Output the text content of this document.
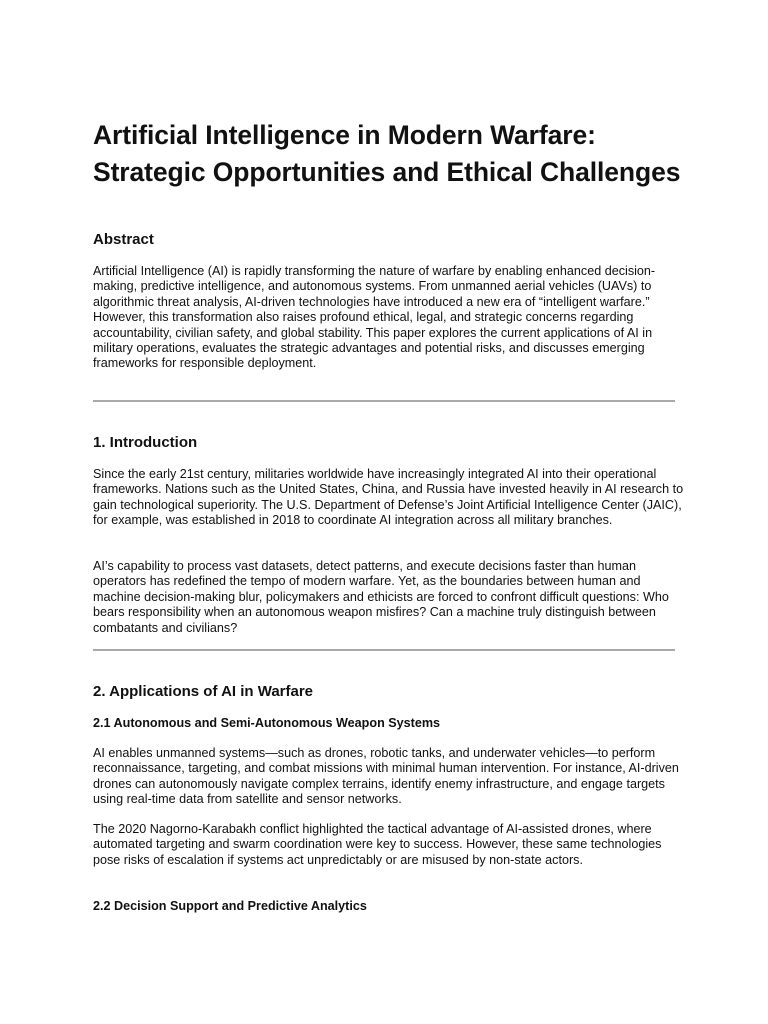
Artificial Intelligence in Modern Warfare: Strategic Opportunities and Ethical Challenges
Abstract

Artificial Intelligence (AI) is rapidly transforming the nature of warfare by enabling enhanced decision-making, predictive intelligence, and autonomous systems. From unmanned aerial vehicles (UAVs) to algorithmic threat analysis, AI-driven technologies have introduced a new era of “intelligent warfare.” However, this transformation also raises profound ethical, legal, and strategic concerns regarding accountability, civilian safety, and global stability. This paper explores the current applications of AI in military operations, evaluates the strategic advantages and potential risks, and discusses emerging frameworks for responsible deployment.

1. Introduction

Since the early 21st century, militaries worldwide have increasingly integrated AI into their operational frameworks. Nations such as the United States, China, and Russia have invested heavily in AI research to gain technological superiority. The U.S. Department of Defense’s Joint Artificial Intelligence Center (JAIC), for example, was established in 2018 to coordinate AI integration across all military branches.

AI’s capability to process vast datasets, detect patterns, and execute decisions faster than human operators has redefined the tempo of modern warfare. Yet, as the boundaries between human and machine decision-making blur, policymakers and ethicists are forced to confront difficult questions: Who bears responsibility when an autonomous weapon misfires? Can a machine truly distinguish between combatants and civilians?

2. Applications of AI in Warfare
2.1 Autonomous and Semi-Autonomous Weapon Systems

AI enables unmanned systems—such as drones, robotic tanks, and underwater vehicles—to perform reconnaissance, targeting, and combat missions with minimal human intervention. For instance, AI-driven drones can autonomously navigate complex terrains, identify enemy infrastructure, and engage targets using real-time data from satellite and sensor networks.

The 2020 Nagorno-Karabakh conflict highlighted the tactical advantage of AI-assisted drones, where automated targeting and swarm coordination were key to success. However, these same technologies pose risks of escalation if systems act unpredictably or are misused by non-state actors.

2.2 Decision Support and Predictive Analytics
